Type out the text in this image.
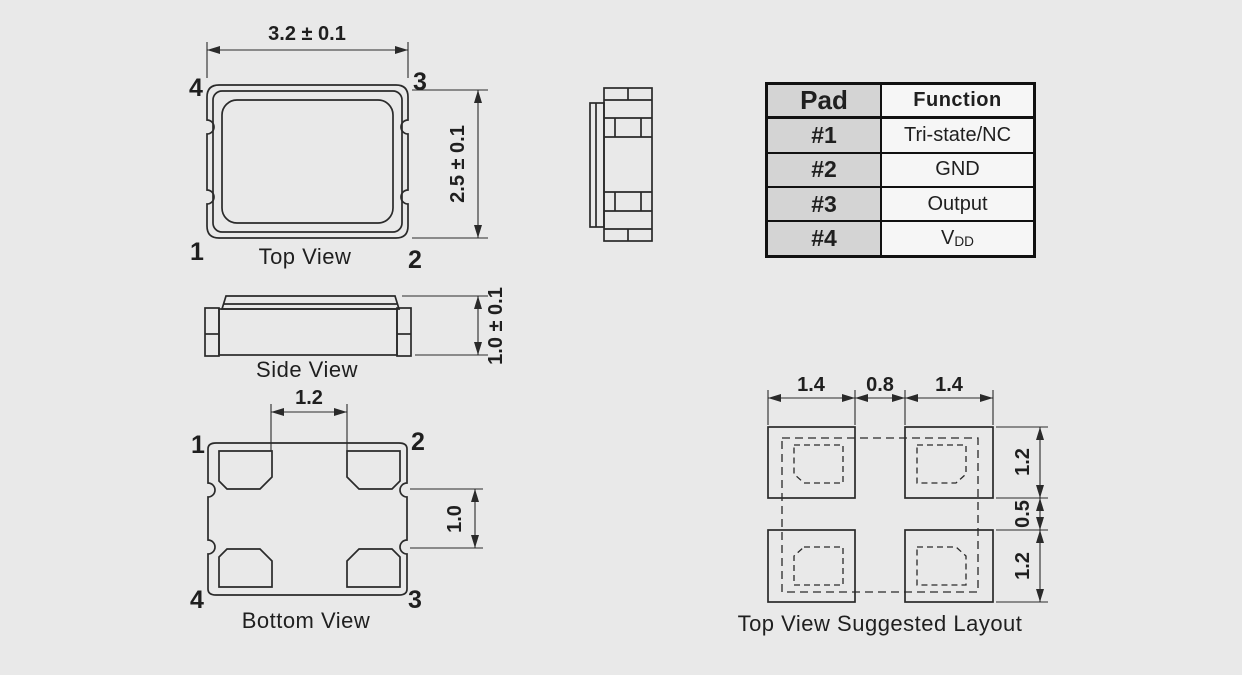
3.2 ± 0.1
2.5 ± 0.1
4	3
1	2
Top View
1.0 ± 0.1
Side View
1.2
1.0
1	2
4	3
Bottom View
1.4 0.8 1.4
1.2
0.5
1.2
Top View Suggested Layout
Pad	Function
#1	Tri-state/NC
#2	GND
#3	Output
#4	$V_{DD}$
